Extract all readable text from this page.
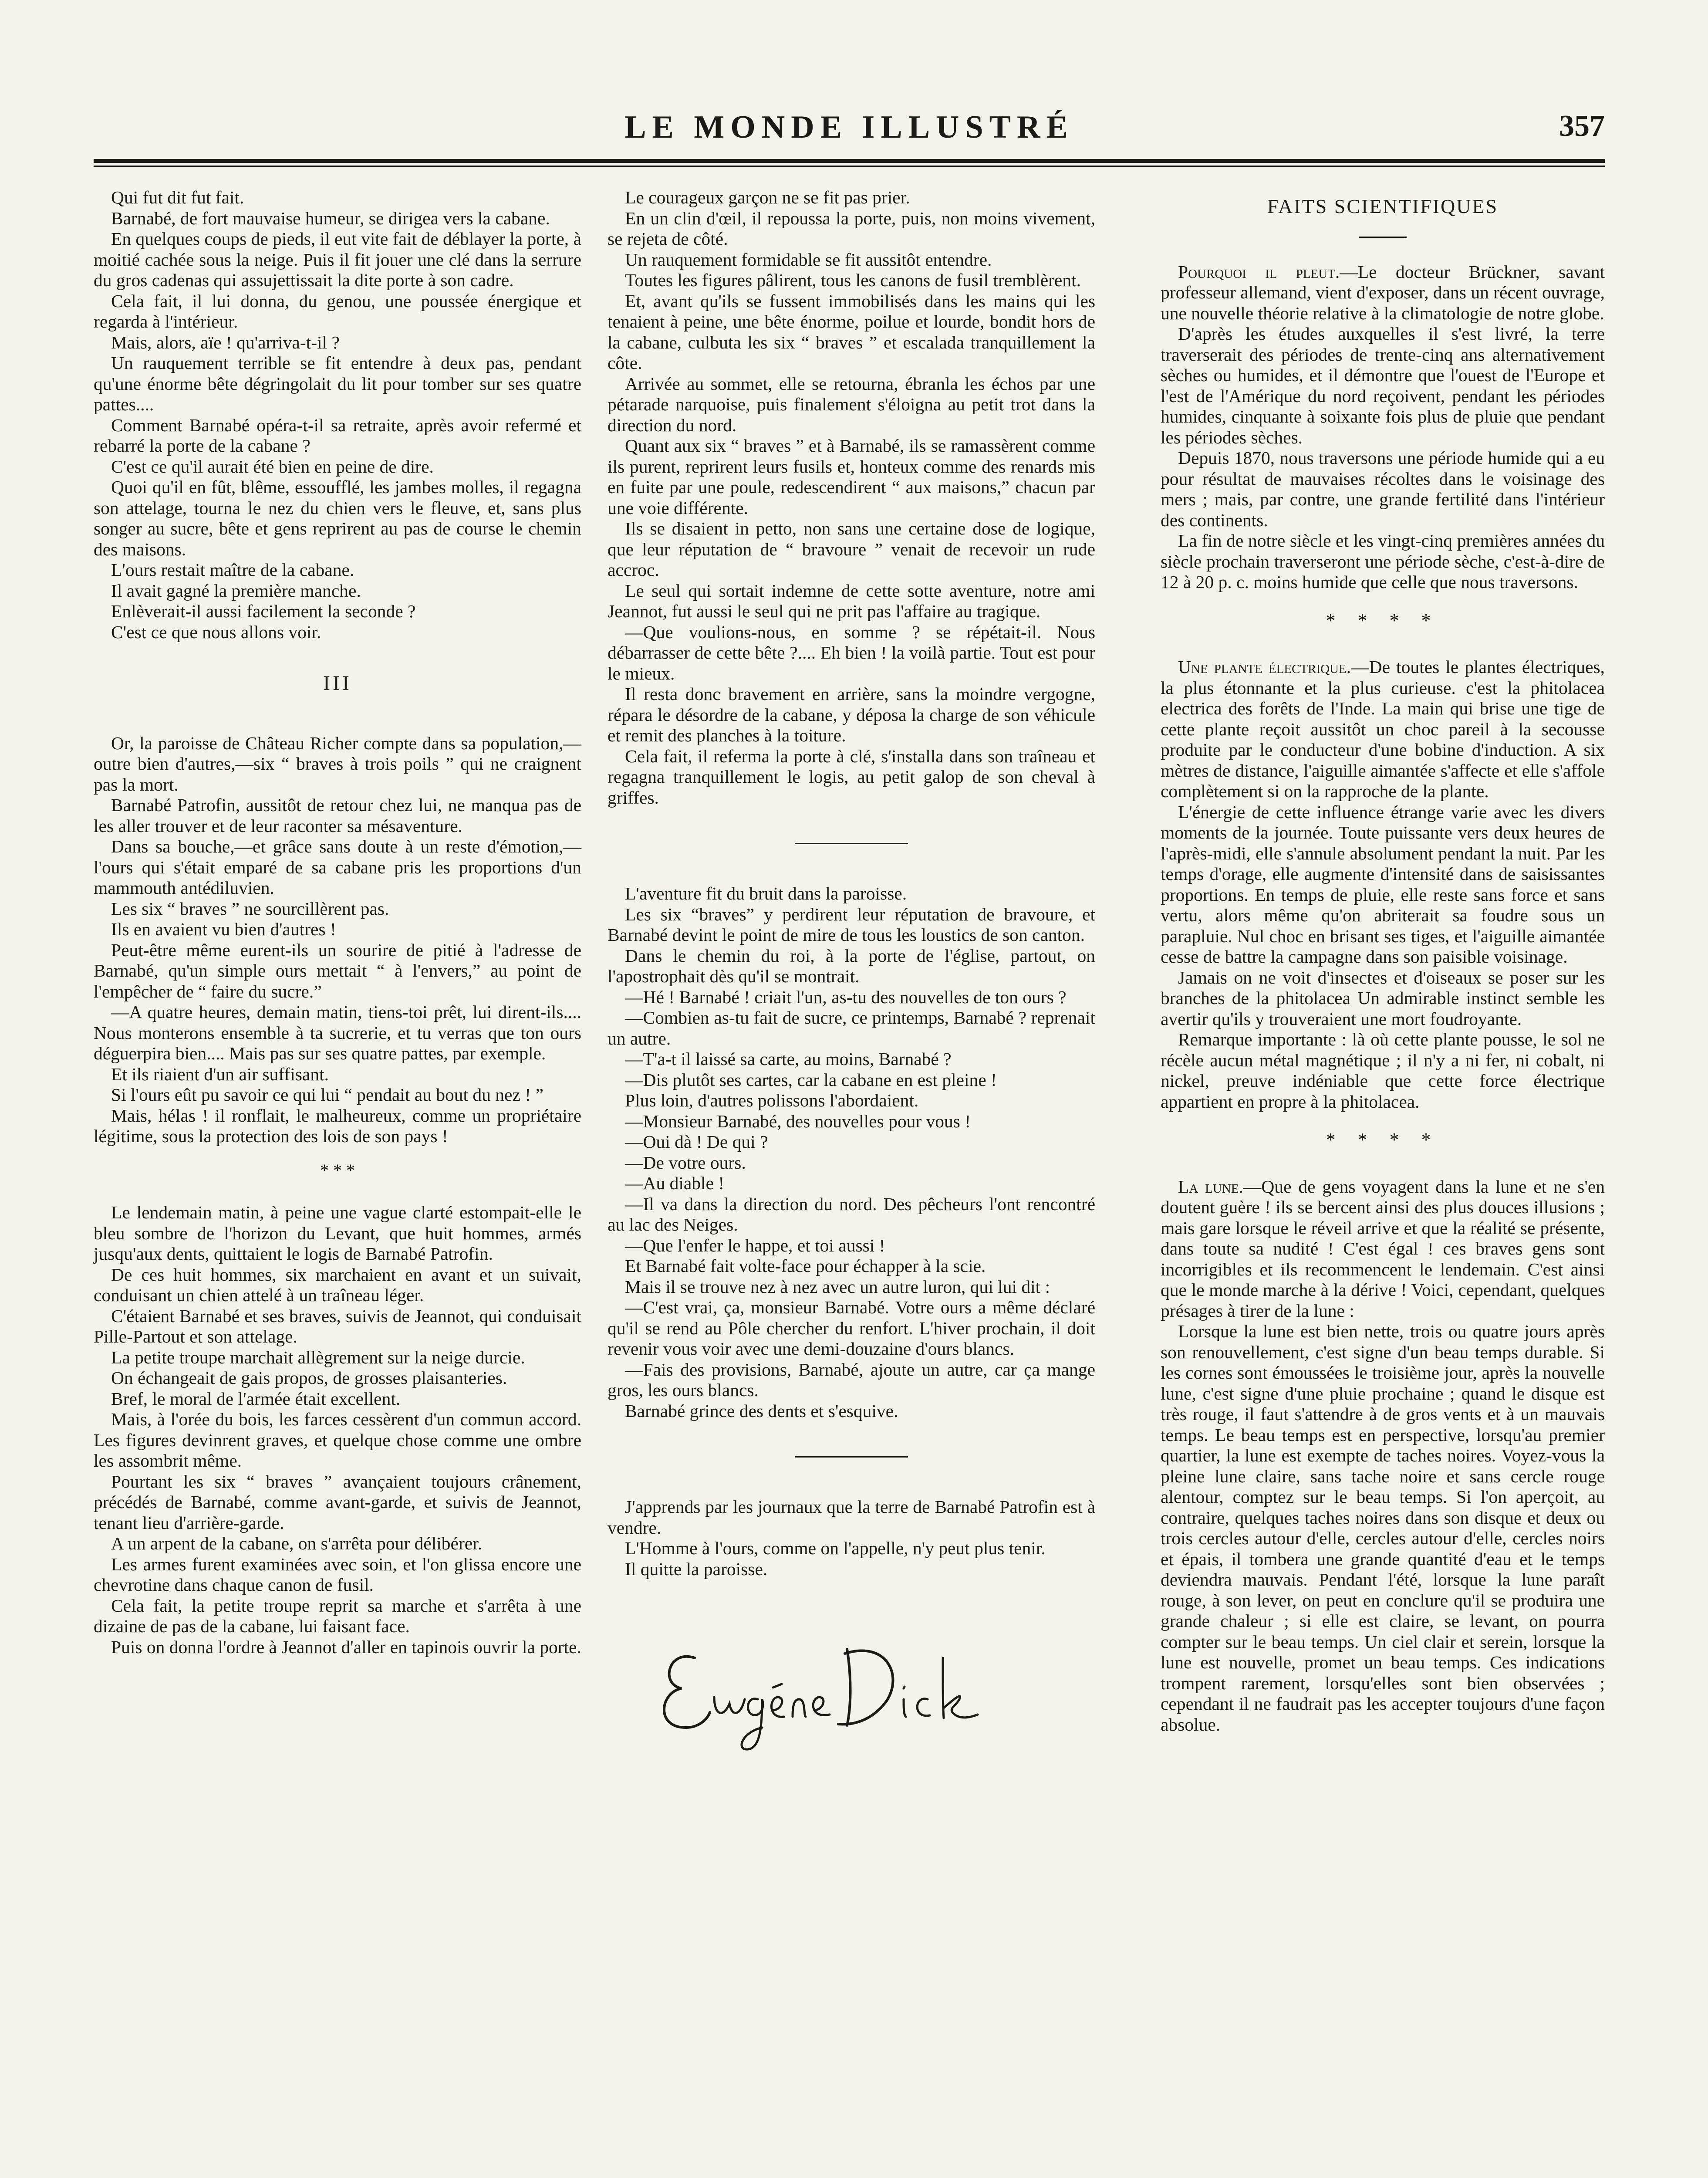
LE MONDE ILLUSTRÉ	357

Qui fut dit fut fait.

Barnabé, de fort mauvaise humeur, se dirigea vers la cabane.

En quelques coups de pieds, il eut vite fait de déblayer la porte, à moitié cachée sous la neige. Puis il fit jouer une clé dans la serrure du gros cadenas qui assujettissait la dite porte à son cadre.

Cela fait, il lui donna, du genou, une poussée énergique et regarda à l'intérieur.

Mais, alors, aïe ! qu'arriva-t-il ?

Un rauquement terrible se fit entendre à deux pas, pendant qu'une énorme bête dégringolait du lit pour tomber sur ses quatre pattes....

Comment Barnabé opéra-t-il sa retraite, après avoir refermé et rebarré la porte de la cabane ?

C'est ce qu'il aurait été bien en peine de dire.

Quoi qu'il en fût, blême, essoufflé, les jambes molles, il regagna son attelage, tourna le nez du chien vers le fleuve, et, sans plus songer au sucre, bête et gens reprirent au pas de course le chemin des maisons.

L'ours restait maître de la cabane.

Il avait gagné la première manche.

Enlèverait-il aussi facilement la seconde ?

C'est ce que nous allons voir.

III

Or, la paroisse de Château Richer compte dans sa population,—outre bien d'autres,—six “ braves à trois poils ” qui ne craignent pas la mort.

Barnabé Patrofin, aussitôt de retour chez lui, ne manqua pas de les aller trouver et de leur raconter sa mésaventure.

Dans sa bouche,—et grâce sans doute à un reste d'émotion,—l'ours qui s'était emparé de sa cabane pris les proportions d'un mammouth antédiluvien.

Les six “ braves ” ne sourcillèrent pas.

Ils en avaient vu bien d'autres !

Peut-être même eurent-ils un sourire de pitié à l'adresse de Barnabé, qu'un simple ours mettait “ à l'envers,” au point de l'empêcher de “ faire du sucre.”

—A quatre heures, demain matin, tiens-toi prêt, lui dirent-ils.... Nous monterons ensemble à ta sucrerie, et tu verras que ton ours déguerpira bien.... Mais pas sur ses quatre pattes, par exemple.

Et ils riaient d'un air suffisant.

Si l'ours eût pu savoir ce qui lui “ pendait au bout du nez ! ”

Mais, hélas ! il ronflait, le malheureux, comme un propriétaire légitime, sous la protection des lois de son pays !

* * *

Le lendemain matin, à peine une vague clarté estompait-elle le bleu sombre de l'horizon du Levant, que huit hommes, armés jusqu'aux dents, quittaient le logis de Barnabé Patrofin.

De ces huit hommes, six marchaient en avant et un suivait, conduisant un chien attelé à un traîneau léger.

C'étaient Barnabé et ses braves, suivis de Jeannot, qui conduisait Pille-Partout et son attelage.

La petite troupe marchait allègrement sur la neige durcie.

On échangeait de gais propos, de grosses plaisanteries.

Bref, le moral de l'armée était excellent.

Mais, à l'orée du bois, les farces cessèrent d'un commun accord. Les figures devinrent graves, et quelque chose comme une ombre les assombrit même.

Pourtant les six “ braves ” avançaient toujours crânement, précédés de Barnabé, comme avant-garde, et suivis de Jeannot, tenant lieu d'arrière-garde.

A un arpent de la cabane, on s'arrêta pour délibérer.

Les armes furent examinées avec soin, et l'on glissa encore une chevrotine dans chaque canon de fusil.

Cela fait, la petite troupe reprit sa marche et s'arrêta à une dizaine de pas de la cabane, lui faisant face.

Puis on donna l'ordre à Jeannot d'aller en tapinois ouvrir la porte.

Le courageux garçon ne se fit pas prier.

En un clin d'œil, il repoussa la porte, puis, non moins vivement, se rejeta de côté.

Un rauquement formidable se fit aussitôt entendre.

Toutes les figures pâlirent, tous les canons de fusil tremblèrent.

Et, avant qu'ils se fussent immobilisés dans les mains qui les tenaient à peine, une bête énorme, poilue et lourde, bondit hors de la cabane, culbuta les six “ braves ” et escalada tranquillement la côte.

Arrivée au sommet, elle se retourna, ébranla les échos par une pétarade narquoise, puis finalement s'éloigna au petit trot dans la direction du nord.

Quant aux six “ braves ” et à Barnabé, ils se ramassèrent comme ils purent, reprirent leurs fusils et, honteux comme des renards mis en fuite par une poule, redescendirent “ aux maisons,” chacun par une voie différente.

Ils se disaient in petto, non sans une certaine dose de logique, que leur réputation de “ bravoure ” venait de recevoir un rude accroc.

Le seul qui sortait indemne de cette sotte aventure, notre ami Jeannot, fut aussi le seul qui ne prit pas l'affaire au tragique.

—Que voulions-nous, en somme ? se répétait-il. Nous débarrasser de cette bête ?.... Eh bien ! la voilà partie. Tout est pour le mieux.

Il resta donc bravement en arrière, sans la moindre vergogne, répara le désordre de la cabane, y déposa la charge de son véhicule et remit des planches à la toiture.

Cela fait, il referma la porte à clé, s'installa dans son traîneau et regagna tranquillement le logis, au petit galop de son cheval à griffes.

L'aventure fit du bruit dans la paroisse.

Les six “braves” y perdirent leur réputation de bravoure, et Barnabé devint le point de mire de tous les loustics de son canton.

Dans le chemin du roi, à la porte de l'église, partout, on l'apostrophait dès qu'il se montrait.

—Hé ! Barnabé ! criait l'un, as-tu des nouvelles de ton ours ?

—Combien as-tu fait de sucre, ce printemps, Barnabé ? reprenait un autre.

—T'a-t il laissé sa carte, au moins, Barnabé ?

—Dis plutôt ses cartes, car la cabane en est pleine !

Plus loin, d'autres polissons l'abordaient.

—Monsieur Barnabé, des nouvelles pour vous !

—Oui dà ! De qui ?

—De votre ours.

—Au diable !

—Il va dans la direction du nord. Des pêcheurs l'ont rencontré au lac des Neiges.

—Que l'enfer le happe, et toi aussi !

Et Barnabé fait volte-face pour échapper à la scie.

Mais il se trouve nez à nez avec un autre luron, qui lui dit :

—C'est vrai, ça, monsieur Barnabé. Votre ours a même déclaré qu'il se rend au Pôle chercher du renfort. L'hiver prochain, il doit revenir vous voir avec une demi-douzaine d'ours blancs.

—Fais des provisions, Barnabé, ajoute un autre, car ça mange gros, les ours blancs.

Barnabé grince des dents et s'esquive.

J'apprends par les journaux que la terre de Barnabé Patrofin est à vendre.

L'Homme à l'ours, comme on l'appelle, n'y peut plus tenir.

Il quitte la paroisse.

FAITS SCIENTIFIQUES

Pourquoi il pleut.—Le docteur Brückner, savant professeur allemand, vient d'exposer, dans un récent ouvrage, une nouvelle théorie relative à la climatologie de notre globe.

D'après les études auxquelles il s'est livré, la terre traverserait des périodes de trente-cinq ans alternativement sèches ou humides, et il démontre que l'ouest de l'Europe et l'est de l'Amérique du nord reçoivent, pendant les périodes humides, cinquante à soixante fois plus de pluie que pendant les périodes sèches.

Depuis 1870, nous traversons une période humide qui a eu pour résultat de mauvaises récoltes dans le voisinage des mers ; mais, par contre, une grande fertilité dans l'intérieur des continents.

La fin de notre siècle et les vingt-cinq premières années du siècle prochain traverseront une période sèche, c'est-à-dire de 12 à 20 p. c. moins humide que celle que nous traversons.

* * * *

Une plante électrique.—De toutes le plantes électriques, la plus étonnante et la plus curieuse. c'est la phitolacea electrica des forêts de l'Inde. La main qui brise une tige de cette plante reçoit aussitôt un choc pareil à la secousse produite par le conducteur d'une bobine d'induction. A six mètres de distance, l'aiguille aimantée s'affecte et elle s'affole complètement si on la rapproche de la plante.

L'énergie de cette influence étrange varie avec les divers moments de la journée. Toute puissante vers deux heures de l'après-midi, elle s'annule absolument pendant la nuit. Par les temps d'orage, elle augmente d'intensité dans de saisissantes proportions. En temps de pluie, elle reste sans force et sans vertu, alors même qu'on abriterait sa foudre sous un parapluie. Nul choc en brisant ses tiges, et l'aiguille aimantée cesse de battre la campagne dans son paisible voisinage.

Jamais on ne voit d'insectes et d'oiseaux se poser sur les branches de la phitolacea Un admirable instinct semble les avertir qu'ils y trouveraient une mort foudroyante.

Remarque importante : là où cette plante pousse, le sol ne récèle aucun métal magnétique ; il n'y a ni fer, ni cobalt, ni nickel, preuve indéniable que cette force électrique appartient en propre à la phitolacea.

* * * *

La lune.—Que de gens voyagent dans la lune et ne s'en doutent guère ! ils se bercent ainsi des plus douces illusions ; mais gare lorsque le réveil arrive et que la réalité se présente, dans toute sa nudité ! C'est égal ! ces braves gens sont incorrigibles et ils recommencent le lendemain. C'est ainsi que le monde marche à la dérive ! Voici, cependant, quelques présages à tirer de la lune :

Lorsque la lune est bien nette, trois ou quatre jours après son renouvellement, c'est signe d'un beau temps durable. Si les cornes sont émoussées le troisième jour, après la nouvelle lune, c'est signe d'une pluie prochaine ; quand le disque est très rouge, il faut s'attendre à de gros vents et à un mauvais temps. Le beau temps est en perspective, lorsqu'au premier quartier, la lune est exempte de taches noires. Voyez-vous la pleine lune claire, sans tache noire et sans cercle rouge alentour, comptez sur le beau temps. Si l'on aperçoit, au contraire, quelques taches noires dans son disque et deux ou trois cercles autour d'elle, cercles autour d'elle, cercles noirs et épais, il tombera une grande quantité d'eau et le temps deviendra mauvais. Pendant l'été, lorsque la lune paraît rouge, à son lever, on peut en conclure qu'il se produira une grande chaleur ; si elle est claire, se levant, on pourra compter sur le beau temps. Un ciel clair et serein, lorsque la lune est nouvelle, promet un beau temps. Ces indications trompent rarement, lorsqu'elles sont bien observées ; cependant il ne faudrait pas les accepter toujours d'une façon absolue.
